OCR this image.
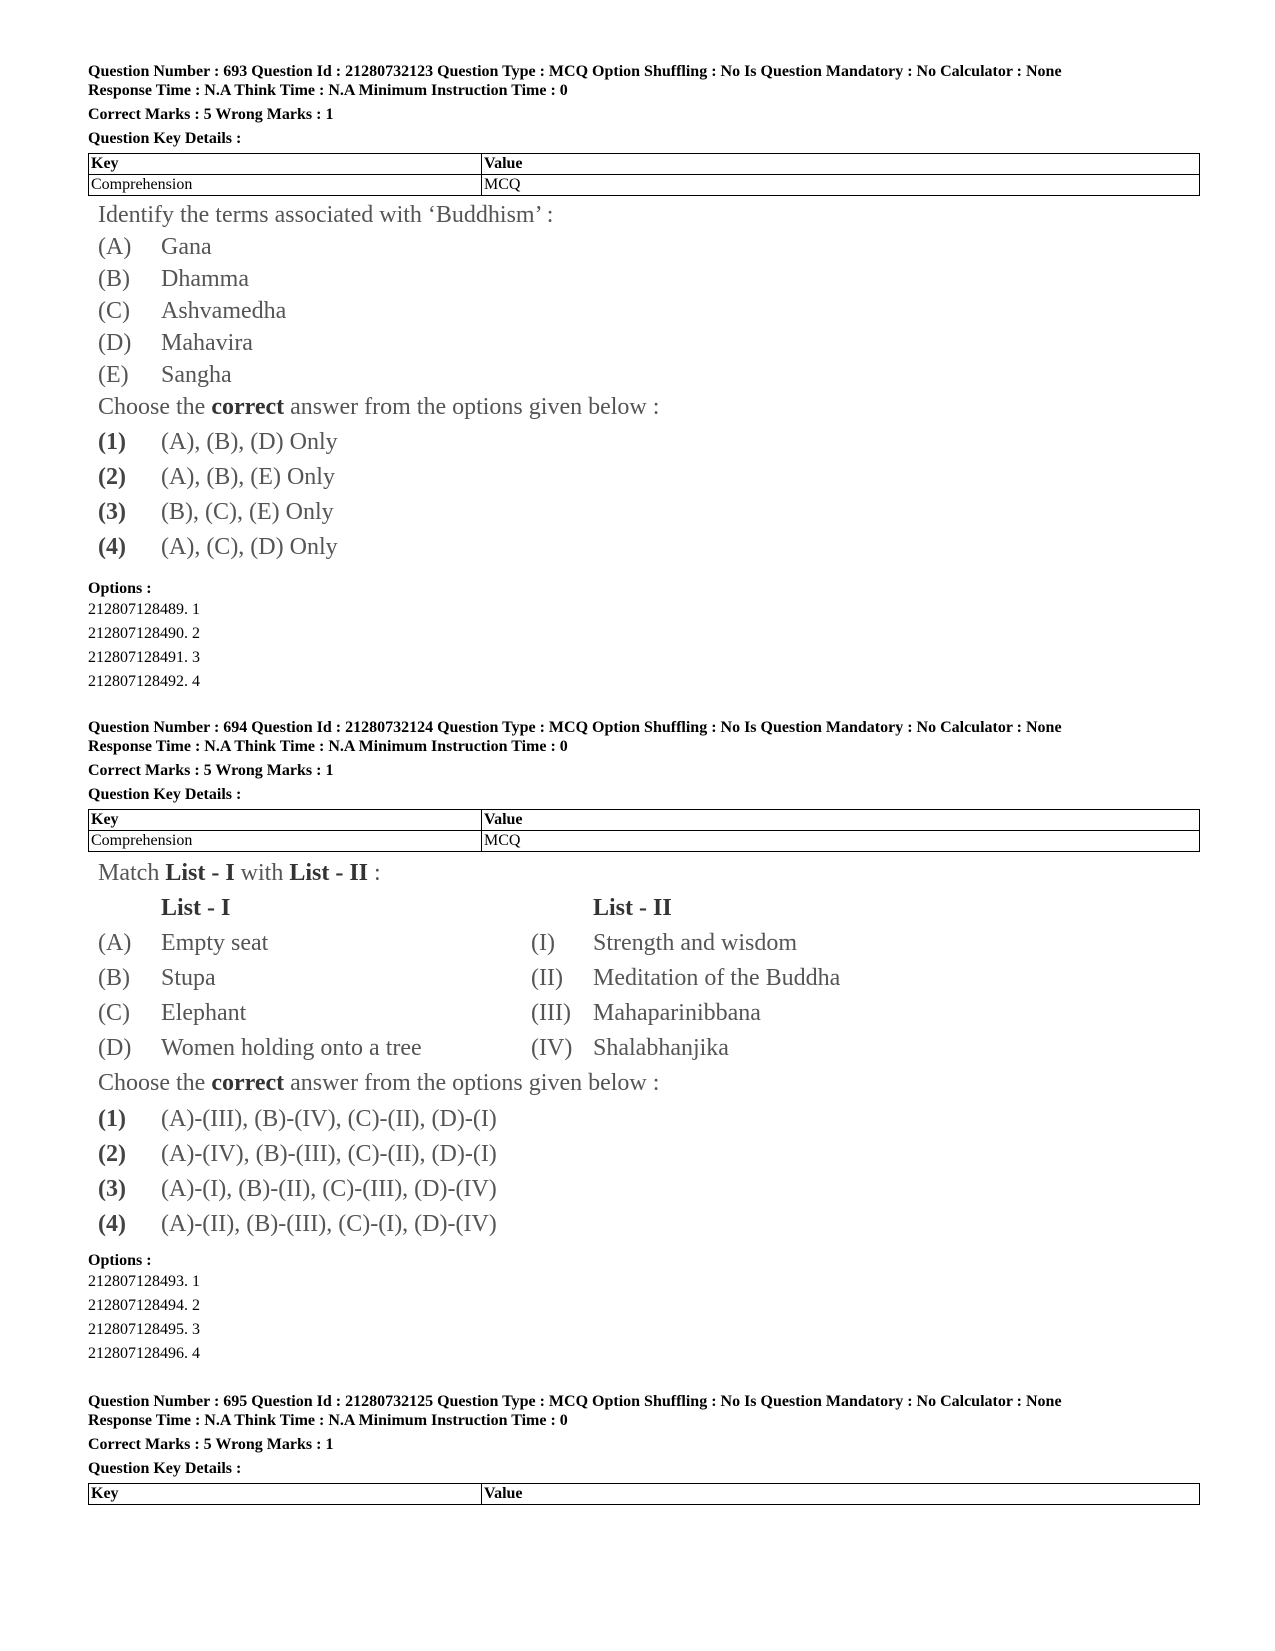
Question Number : 693 Question Id : 21280732123 Question Type : MCQ Option Shuffling : No Is Question Mandatory : No Calculator : None
Response Time : N.A Think Time : N.A Minimum Instruction Time : 0
Correct Marks : 5 Wrong Marks : 1
Question Key Details :
Key	Value
Comprehension	MCQ
Identify the terms associated with ‘Buddhism’ :
(A)	Gana
(B)	Dhamma
(C)	Ashvamedha
(D)	Mahavira
(E)	Sangha
Choose the correct answer from the options given below :
(1)	(A), (B), (D) Only
(2)	(A), (B), (E) Only
(3)	(B), (C), (E) Only
(4)	(A), (C), (D) Only
Options :
212807128489. 1
212807128490. 2
212807128491. 3
212807128492. 4
Question Number : 694 Question Id : 21280732124 Question Type : MCQ Option Shuffling : No Is Question Mandatory : No Calculator : None
Response Time : N.A Think Time : N.A Minimum Instruction Time : 0
Correct Marks : 5 Wrong Marks : 1
Question Key Details :
Key	Value
Comprehension	MCQ
Match List - I with List - II :
List - I	List - II
(A)	Empty seat	(I) Strength and wisdom
(B)	Stupa	(II) Meditation of the Buddha
(C)	Elephant	(III) Mahaparinibbana
(D)	Women holding onto a tree	(IV) Shalabhanjika
Choose the correct answer from the options given below :
(1)	(A)-(III), (B)-(IV), (C)-(II), (D)-(I)
(2)	(A)-(IV), (B)-(III), (C)-(II), (D)-(I)
(3)	(A)-(I), (B)-(II), (C)-(III), (D)-(IV)
(4)	(A)-(II), (B)-(III), (C)-(I), (D)-(IV)
Options :
212807128493. 1
212807128494. 2
212807128495. 3
212807128496. 4
Question Number : 695 Question Id : 21280732125 Question Type : MCQ Option Shuffling : No Is Question Mandatory : No Calculator : None
Response Time : N.A Think Time : N.A Minimum Instruction Time : 0
Correct Marks : 5 Wrong Marks : 1
Question Key Details :
Key	Value
